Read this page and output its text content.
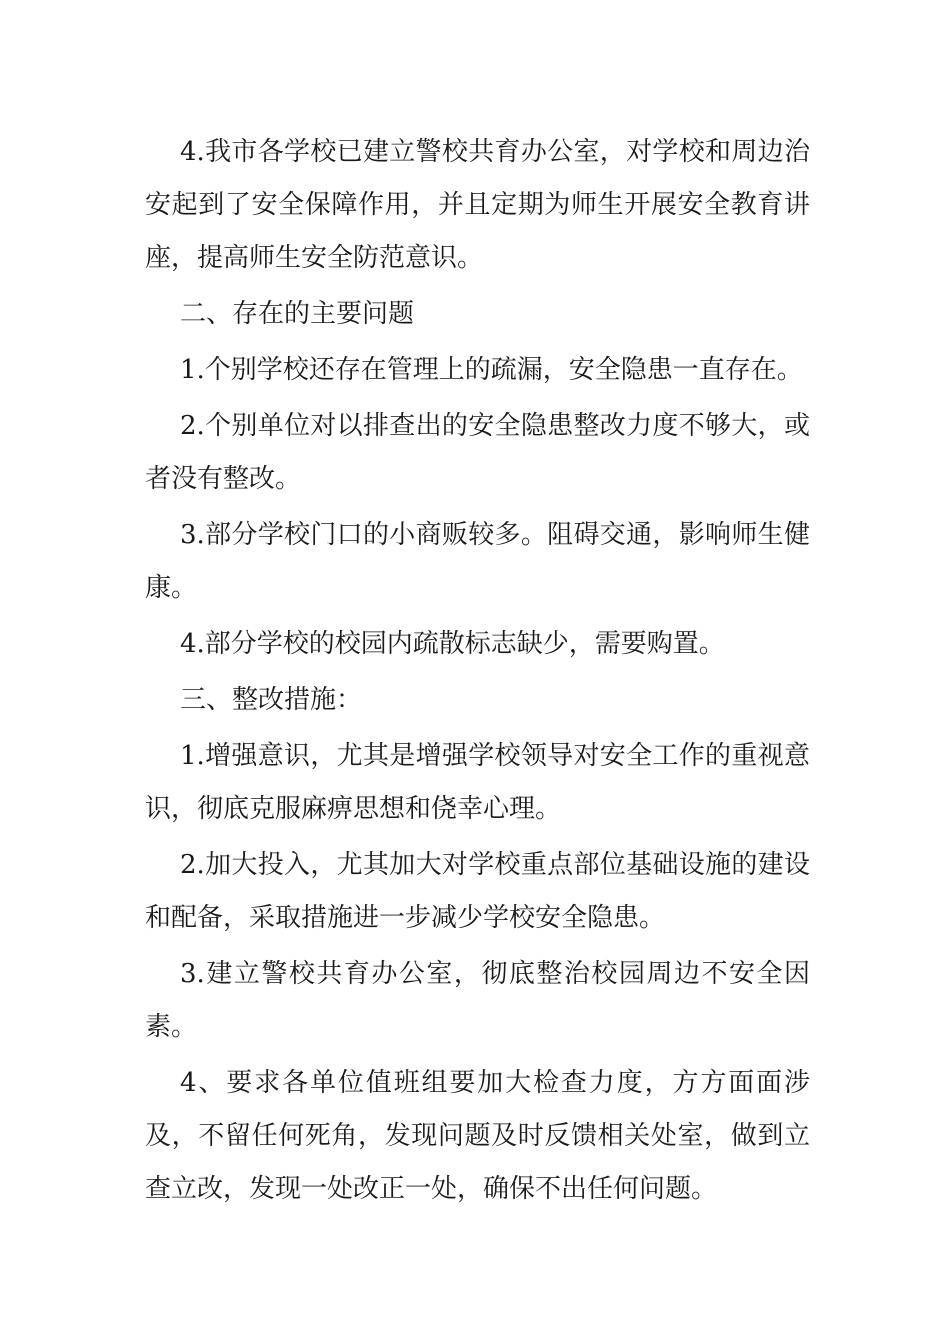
4.我市各学校已建立警校共育办公室，对学校和周边治安起到了安全保障作用，并且定期为师生开展安全教育讲座，提高师生安全防范意识。

二、存在的主要问题

1.个别学校还存在管理上的疏漏，安全隐患一直存在。

2.个别单位对以排查出的安全隐患整改力度不够大，或者没有整改。

3.部分学校门口的小商贩较多。阻碍交通，影响师生健康。

4.部分学校的校园内疏散标志缺少，需要购置。

三、整改措施：

1.增强意识，尤其是增强学校领导对安全工作的重视意识，彻底克服麻痹思想和侥幸心理。

2.加大投入，尤其加大对学校重点部位基础设施的建设和配备，采取措施进一步减少学校安全隐患。

3.建立警校共育办公室，彻底整治校园周边不安全因素。

4、要求各单位值班组要加大检查力度，方方面面涉及，不留任何死角，发现问题及时反馈相关处室，做到立查立改，发现一处改正一处，确保不出任何问题。
